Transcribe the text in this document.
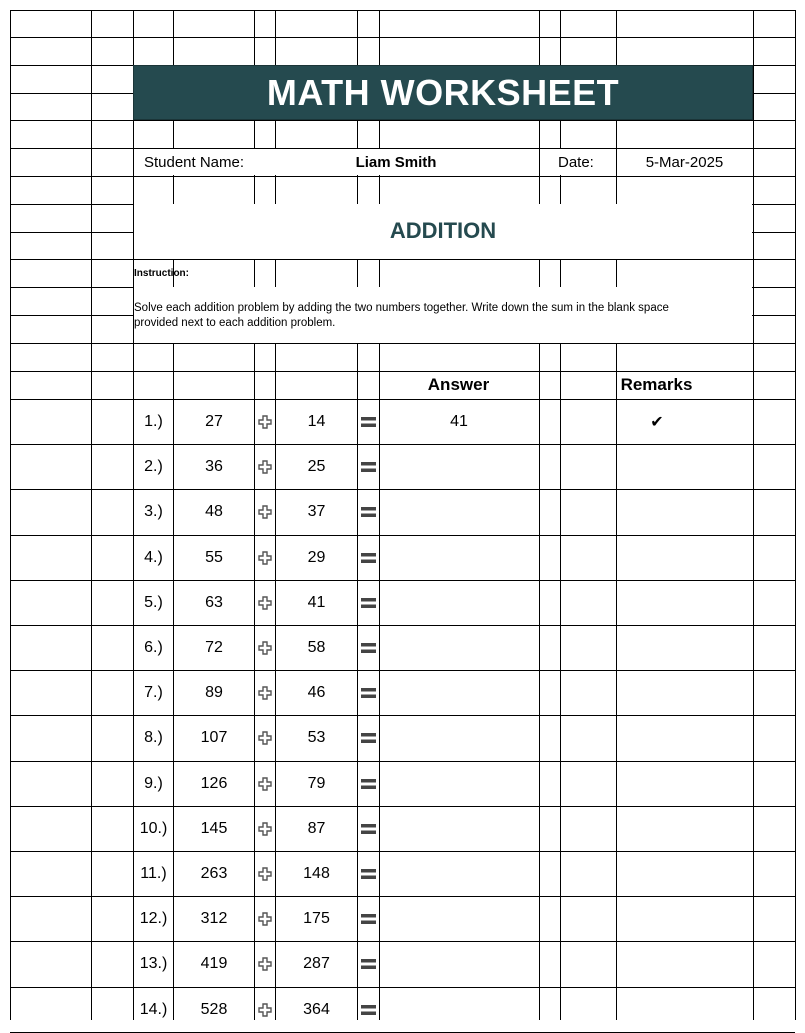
MATH WORKSHEET
Student Name:	Liam Smith	Date:	5-Mar-2025
ADDITION
Instruction:
Solve each addition problem by adding the two numbers together. Write down the sum in the blank space
provided next to each addition problem.
Answer	Remarks
1.)	27	14	41	✔
2.)	36	25
3.)	48	37
4.)	55	29
5.)	63	41
6.)	72	58
7.)	89	46
8.)	107	53
9.)	126	79
10.)	145	87
11.)	263	148
12.)	312	175
13.)	419	287
14.)	528	364
